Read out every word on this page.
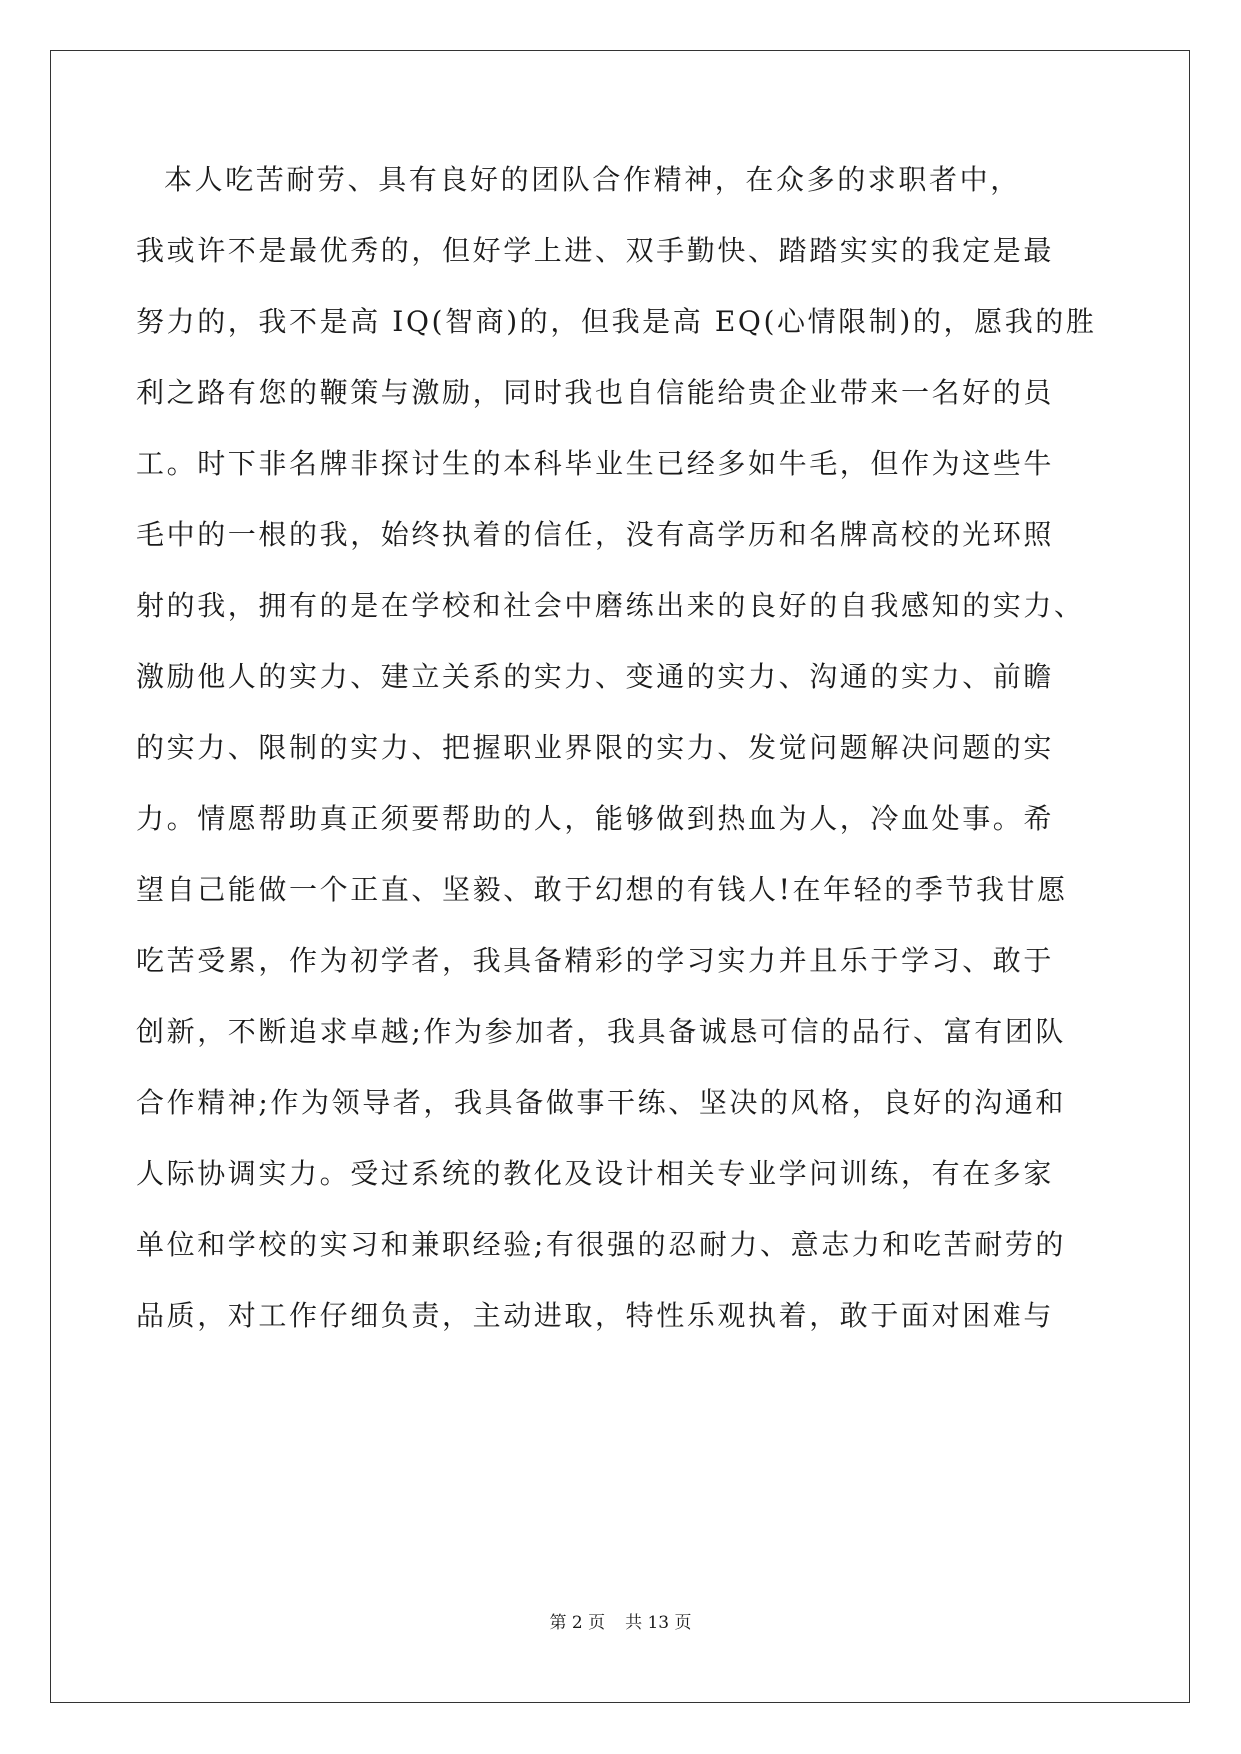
本人吃苦耐劳、具有良好的团队合作精神，在众多的求职者中，
我或许不是最优秀的，但好学上进、双手勤快、踏踏实实的我定是最
努力的，我不是高 IQ(智商)的，但我是高 EQ(心情限制)的，愿我的胜
利之路有您的鞭策与激励，同时我也自信能给贵企业带来一名好的员
工。时下非名牌非探讨生的本科毕业生已经多如牛毛，但作为这些牛
毛中的一根的我，始终执着的信任，没有高学历和名牌高校的光环照
射的我，拥有的是在学校和社会中磨练出来的良好的自我感知的实力、
激励他人的实力、建立关系的实力、变通的实力、沟通的实力、前瞻
的实力、限制的实力、把握职业界限的实力、发觉问题解决问题的实
力。情愿帮助真正须要帮助的人，能够做到热血为人，冷血处事。希
望自己能做一个正直、坚毅、敢于幻想的有钱人!在年轻的季节我甘愿
吃苦受累，作为初学者，我具备精彩的学习实力并且乐于学习、敢于
创新，不断追求卓越;作为参加者，我具备诚恳可信的品行、富有团队
合作精神;作为领导者，我具备做事干练、坚决的风格，良好的沟通和
人际协调实力。受过系统的教化及设计相关专业学问训练，有在多家
单位和学校的实习和兼职经验;有很强的忍耐力、意志力和吃苦耐劳的
品质，对工作仔细负责，主动进取，特性乐观执着，敢于面对困难与
第 2 页 共 13 页
